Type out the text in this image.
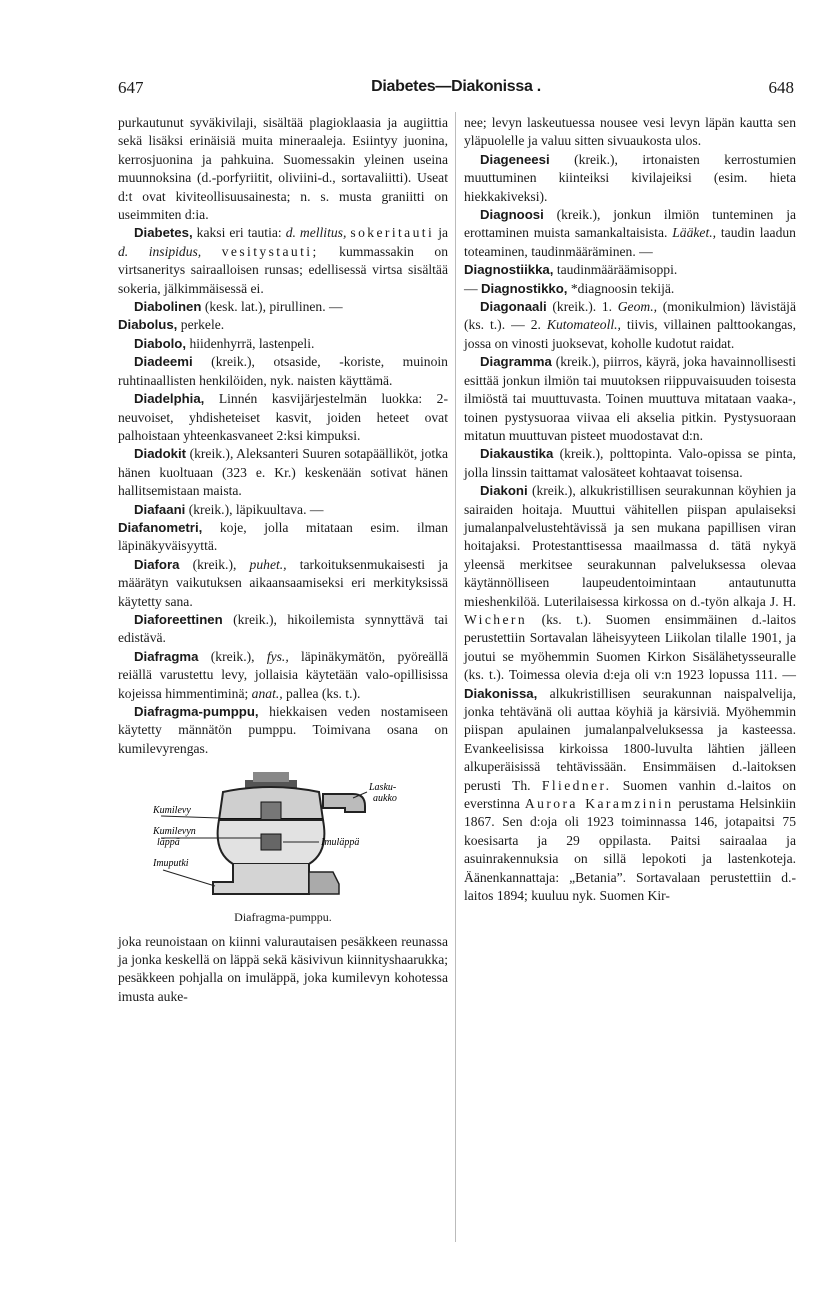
647	Diabetes—Diakonissa .	648

purkautunut syväkivilaji, sisältää plagioklaasia ja augiittia sekä lisäksi erinäisiä muita mineraaleja. Esiintyy juonina, kerrosjuonina ja pahkuina. Suomessakin yleinen useina muunnoksina (d.-porfyriitit, oliviini-d., sortavaliitti). Useat d:t ovat kiviteollisuusainesta; n. s. musta graniitti on useimmiten d:ia.

Diabetes, kaksi eri tautia: d. mellitus, sokeritauti ja d. insipidus, vesitystauti; kummassakin on virtsaneritys sairaalloisen runsas; edellisessä virtsa sisältää sokeria, jälkimmäisessä ei.

Diabolinen (kesk. lat.), pirullinen. —

Diabolus, perkele.

Diabolo, hiidenhyrrä, lastenpeli.

Diadeemi (kreik.), otsaside, -koriste, muinoin ruhtinaallisten henkilöiden, nyk. naisten käyttämä.

Diadelphia, Linnén kasvijärjestelmän luokka: 2-neuvoiset, yhdisheteiset kasvit, joiden heteet ovat palhoistaan yhteenkasvaneet 2:ksi kimpuksi.

Diadokit (kreik.), Aleksanteri Suuren sotapäälliköt, jotka hänen kuoltuaan (323 e. Kr.) keskenään sotivat hänen hallitsemistaan maista.

Diafaani (kreik.), läpikuultava. —

Diafanometri, koje, jolla mitataan esim. ilman läpinäkyväisyyttä.

Diafora (kreik.), puhet., tarkoituksenmukaisesti ja määrätyn vaikutuksen aikaansaamiseksi eri merkityksissä käytetty sana.

Diaforeettinen (kreik.), hikoilemista synnyttävä tai edistävä.

Diafragma (kreik.), fys., läpinäkymätön, pyöreällä reiällä varustettu levy, jollaisia käytetään valo-opillisissa kojeissa himmentiminä; anat., pallea (ks. t.).

Diafragma-pumppu, hiekkaisen veden nostamiseen käytetty männätön pumppu. Toimivana osana on kumilevyrengas.

Kumilevy
Kumilevyn
läppä
Imuputki
Lasku-
aukko
Imuläppä
Diafragma-pumppu.

joka reunoistaan on kiinni valurautaisen pesäkkeen reunassa ja jonka keskellä on läppä sekä käsivivun kiinnityshaarukka; pesäkkeen pohjalla on imuläppä, joka kumilevyn kohotessa imusta auke-

nee; levyn laskeutuessa nousee vesi levyn läpän kautta sen yläpuolelle ja valuu sitten sivuaukosta ulos.

Diageneesi (kreik.), irtonaisten kerrostumien muuttuminen kiinteiksi kivilajeiksi (esim. hieta hiekkakiveksi).

Diagnoosi (kreik.), jonkun ilmiön tunteminen ja erottaminen muista samankaltaisista. Lääket., taudin laadun toteaminen, taudinmääräminen. —

Diagnostiikka, taudinmääräämisoppi.

— Diagnostikko, *diagnoosin tekijä.

Diagonaali (kreik.). 1. Geom., (monikulmion) lävistäjä (ks. t.). — 2. Kutomateoll., tiivis, villainen palttookangas, jossa on vinosti juoksevat, koholle kudotut raidat.

Diagramma (kreik.), piirros, käyrä, joka havainnollisesti esittää jonkun ilmiön tai muutoksen riippuvaisuuden toisesta ilmiöstä tai muuttuvasta. Toinen muuttuva mitataan vaaka-, toinen pystysuoraa viivaa eli akselia pitkin. Pystysuoraan mitatun muuttuvan pisteet muodostavat d:n.

Diakaustika (kreik.), polttopinta. Valo-opissa se pinta, jolla linssin taittamat valosäteet kohtaavat toisensa.

Diakoni (kreik.), alkukristillisen seurakunnan köyhien ja sairaiden hoitaja. Muuttui vähitellen piispan apulaiseksi jumalanpalvelustehtävissä ja sen mukana papillisen viran hoitajaksi. Protestanttisessa maailmassa d. tätä nykyä yleensä merkitsee seurakunnan palveluksessa olevaa käytännölliseen laupeudentoimintaan antautunutta mieshenkilöä. Luterilaisessa kirkossa on d.-työn alkaja J. H. Wichern (ks. t.). Suomen ensimmäinen d.-laitos perustettiin Sortavalan läheisyyteen Liikolan tilalle 1901, ja joutui se myöhemmin Suomen Kirkon Sisälähetysseuralle (ks. t.). Toimessa olevia d:eja oli v:n 1923 lopussa 111. — Diakonissa, alkukristillisen seurakunnan naispalvelija, jonka tehtävänä oli auttaa köyhiä ja kärsiviä. Myöhemmin piispan apulainen jumalanpalveluksessa ja kasteessa. Evankeelisissa kirkoissa 1800-luvulta lähtien jälleen alkuperäisissä tehtävissään. Ensimmäisen d.-laitoksen perusti Th. Fliedner. Suomen vanhin d.-laitos on everstinna Aurora Karamzinin perustama Helsinkiin 1867. Sen d:oja oli 1923 toiminnassa 146, jotapaitsi 75 koesisarta ja 29 oppilasta. Paitsi sairaalaa ja asuinrakennuksia on sillä lepokoti ja lastenkoteja. Äänenkannattaja: „Betania”. Sortavalaan perustettiin d.-laitos 1894; kuuluu nyk. Suomen Kir-
